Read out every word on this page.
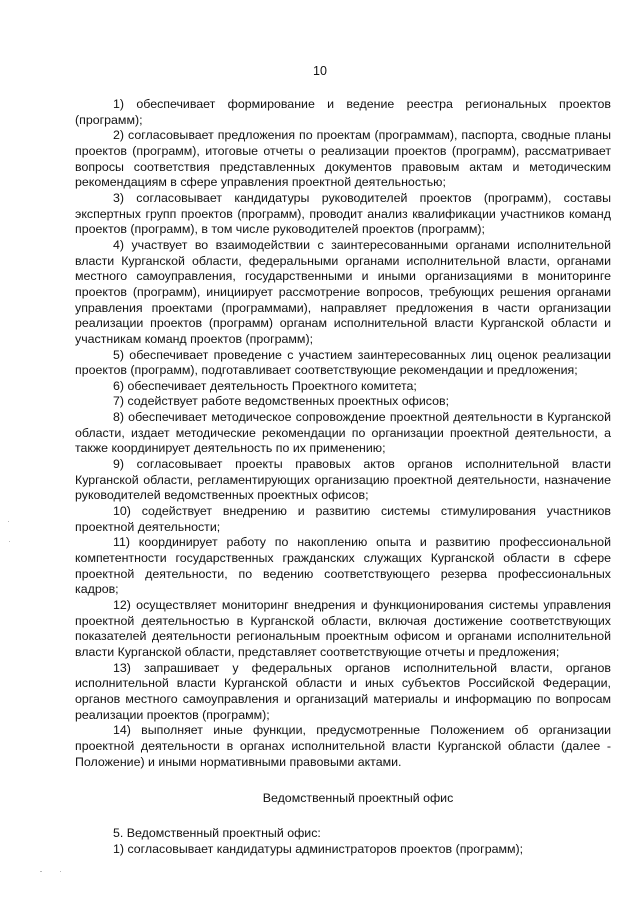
10

1) обеспечивает формирование и ведение реестра региональных проектов (программ);

2) согласовывает предложения по проектам (программам), паспорта, сводные планы проектов (программ), итоговые отчеты о реализации проектов (программ), рассматривает вопросы соответствия представленных документов правовым актам и методическим рекомендациям в сфере управления проектной деятельностью;

3) согласовывает кандидатуры руководителей проектов (программ), составы экспертных групп проектов (программ), проводит анализ квалификации участников команд проектов (программ), в том числе руководителей проектов (программ);

4) участвует во взаимодействии с заинтересованными органами исполнительной власти Курганской области, федеральными органами исполнительной власти, органами местного самоуправления, государственными и иными организациями в мониторинге проектов (программ), инициирует рассмотрение вопросов, требующих решения органами управления проектами (программами), направляет предложения в части организации реализации проектов (программ) органам исполнительной власти Курганской области и участникам команд проектов (программ);

5) обеспечивает проведение с участием заинтересованных лиц оценок реализации проектов (программ), подготавливает соответствующие рекомендации и предложения;

6) обеспечивает деятельность Проектного комитета;

7) содействует работе ведомственных проектных офисов;

8) обеспечивает методическое сопровождение проектной деятельности в Курганской области, издает методические рекомендации по организации проектной деятельности, а также координирует деятельность по их применению;

9) согласовывает проекты правовых актов органов исполнительной власти Курганской области, регламентирующих организацию проектной деятельности, назначение руководителей ведомственных проектных офисов;

10) содействует внедрению и развитию системы стимулирования участников проектной деятельности;

11) координирует работу по накоплению опыта и развитию профессиональной компетентности государственных гражданских служащих Курганской области в сфере проектной деятельности, по ведению соответствующего резерва профессиональных кадров;

12) осуществляет мониторинг внедрения и функционирования системы управления проектной деятельностью в Курганской области, включая достижение соответствующих показателей деятельности региональным проектным офисом и органами исполнительной власти Курганской области, представляет соответствующие отчеты и предложения;

13) запрашивает у федеральных органов исполнительной власти, органов исполнительной власти Курганской области и иных субъектов Российской Федерации, органов местного самоуправления и организаций материалы и информацию по вопросам реализации проектов (программ);

14) выполняет иные функции, предусмотренные Положением об организации проектной деятельности в органах исполнительной власти Курганской области (далее - Положение) и иными нормативными правовыми актами.

Ведомственный проектный офис

5. Ведомственный проектный офис:

1) согласовывает кандидатуры администраторов проектов (программ);
